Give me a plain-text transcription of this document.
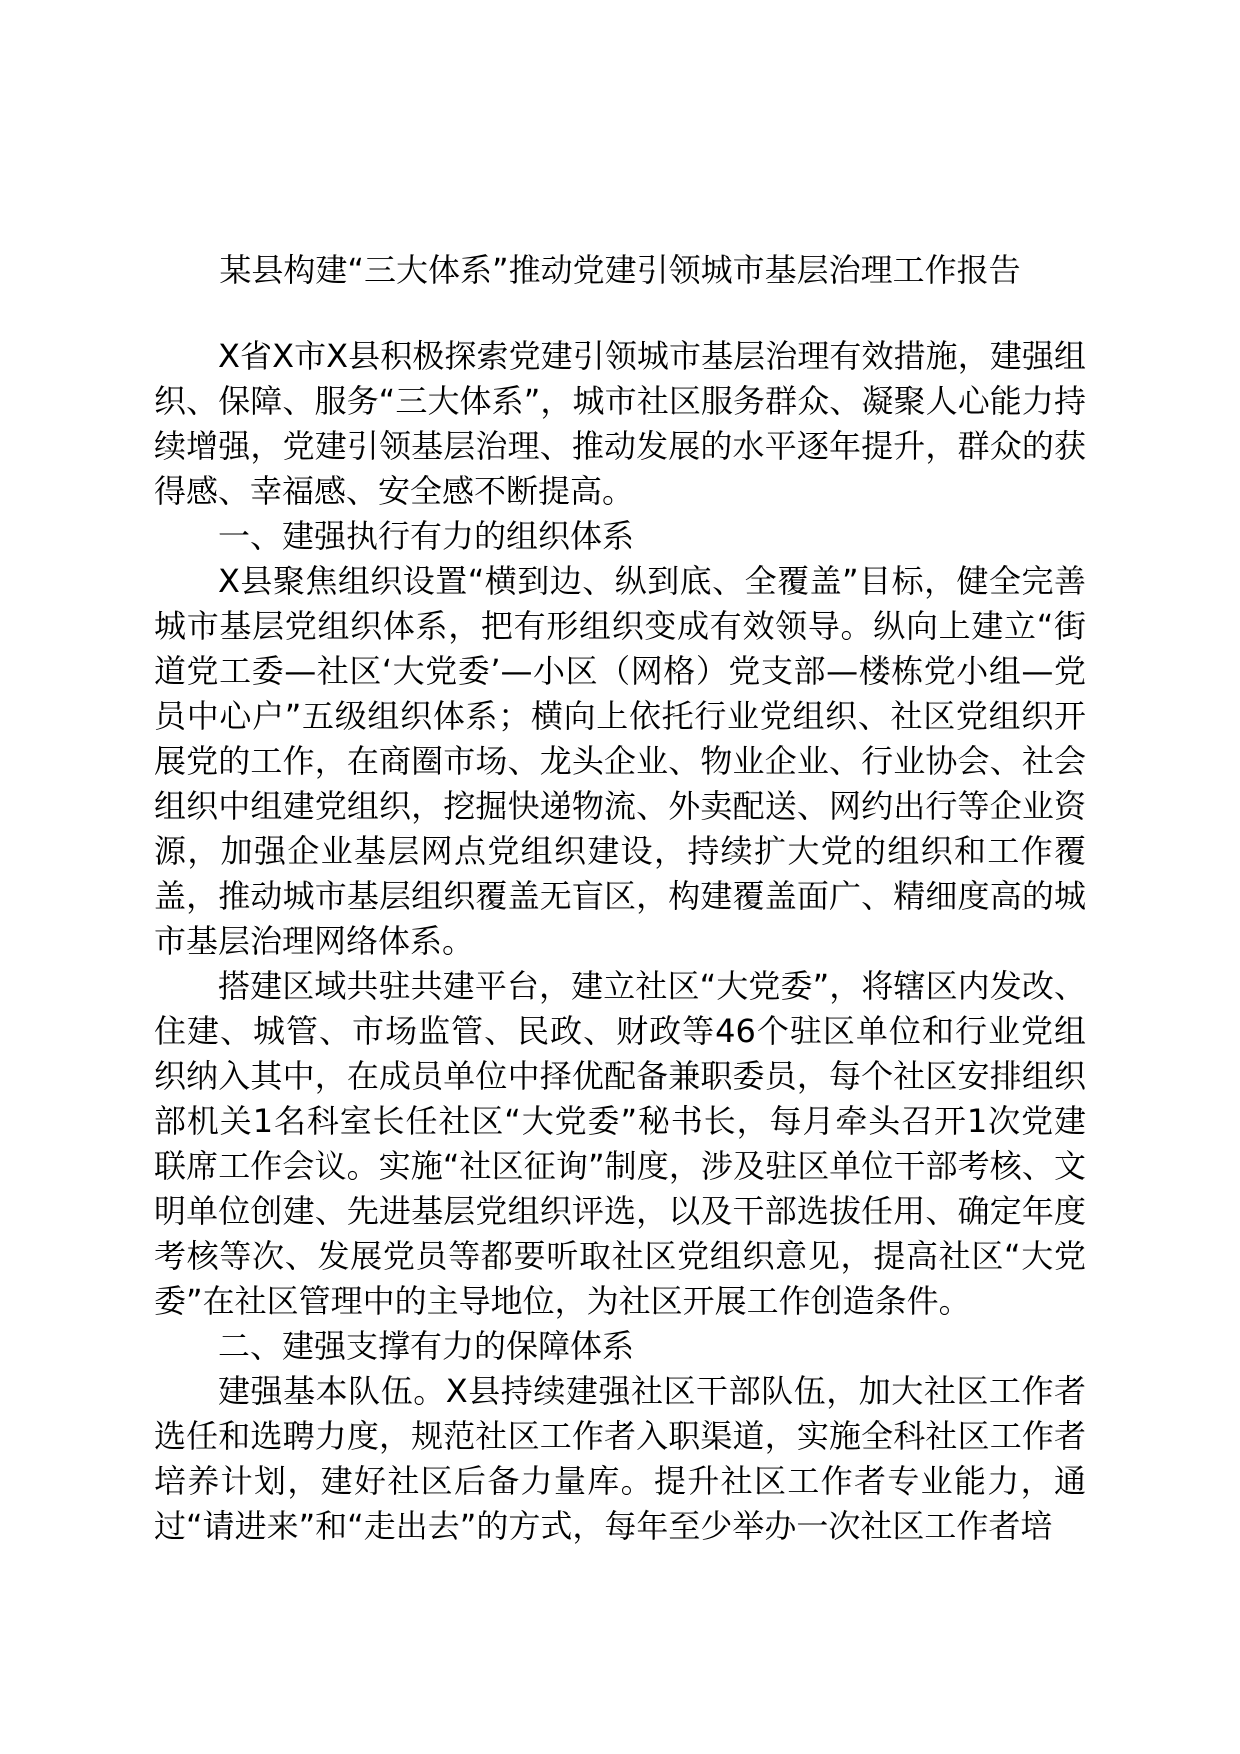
某县构建“三大体系”推动党建引领城市基层治理工作报告

X省X市X县积极探索党建引领城市基层治理有效措施，建强组织、保障、服务“三大体系”，城市社区服务群众、凝聚人心能力持续增强，党建引领基层治理、推动发展的水平逐年提升，群众的获得感、幸福感、安全感不断提高。

一、建强执行有力的组织体系

X县聚焦组织设置“横到边、纵到底、全覆盖”目标，健全完善城市基层党组织体系，把有形组织变成有效领导。纵向上建立“街道党工委—社区‘大党委’—小区（网格）党支部—楼栋党小组—党员中心户”五级组织体系；横向上依托行业党组织、社区党组织开展党的工作，在商圈市场、龙头企业、物业企业、行业协会、社会组织中组建党组织，挖掘快递物流、外卖配送、网约出行等企业资源，加强企业基层网点党组织建设，持续扩大党的组织和工作覆盖，推动城市基层组织覆盖无盲区，构建覆盖面广、精细度高的城市基层治理网络体系。

搭建区域共驻共建平台，建立社区“大党委”，将辖区内发改、住建、城管、市场监管、民政、财政等46个驻区单位和行业党组织纳入其中，在成员单位中择优配备兼职委员，每个社区安排组织部机关1名科室长任社区“大党委”秘书长，每月牵头召开1次党建联席工作会议。实施“社区征询”制度，涉及驻区单位干部考核、文明单位创建、先进基层党组织评选，以及干部选拔任用、确定年度考核等次、发展党员等都要听取社区党组织意见，提高社区“大党委”在社区管理中的主导地位，为社区开展工作创造条件。

二、建强支撑有力的保障体系

建强基本队伍。X县持续建强社区干部队伍，加大社区工作者选任和选聘力度，规范社区工作者入职渠道，实施全科社区工作者培养计划，建好社区后备力量库。提升社区工作者专业能力，通过“请进来”和“走出去”的方式，每年至少举办一次社区工作者培
